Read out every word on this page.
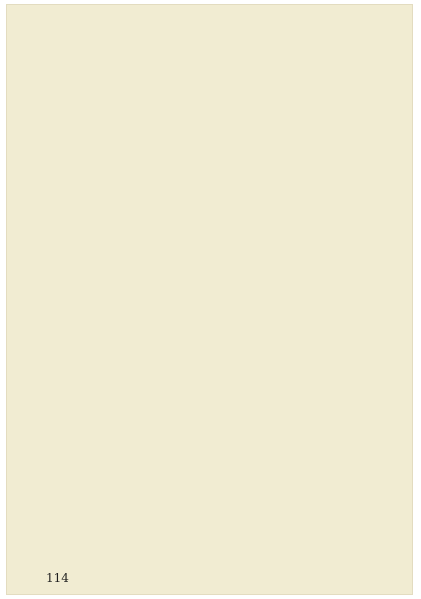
114
